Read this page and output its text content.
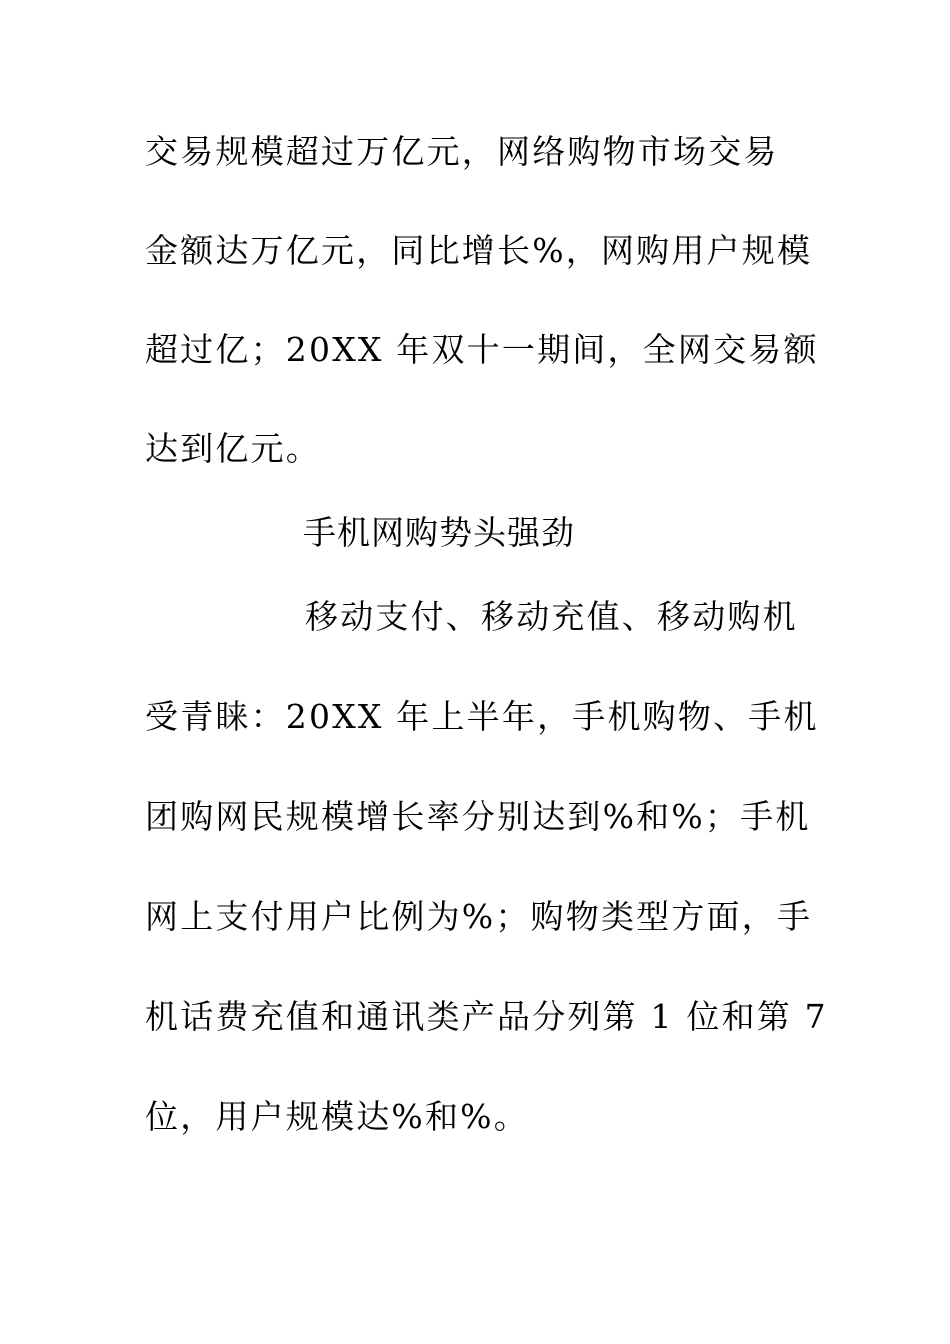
交易规模超过万亿元，网络购物市场交易
金额达万亿元，同比增长%，网购用户规模
超过亿；20XX 年双十一期间，全网交易额
达到亿元。
手机网购势头强劲
移动支付、移动充值、移动购机
受青睐：20XX 年上半年，手机购物、手机
团购网民规模增长率分别达到%和%；手机
网上支付用户比例为%；购物类型方面，手
机话费充值和通讯类产品分列第 1 位和第 7
位，用户规模达%和%。
